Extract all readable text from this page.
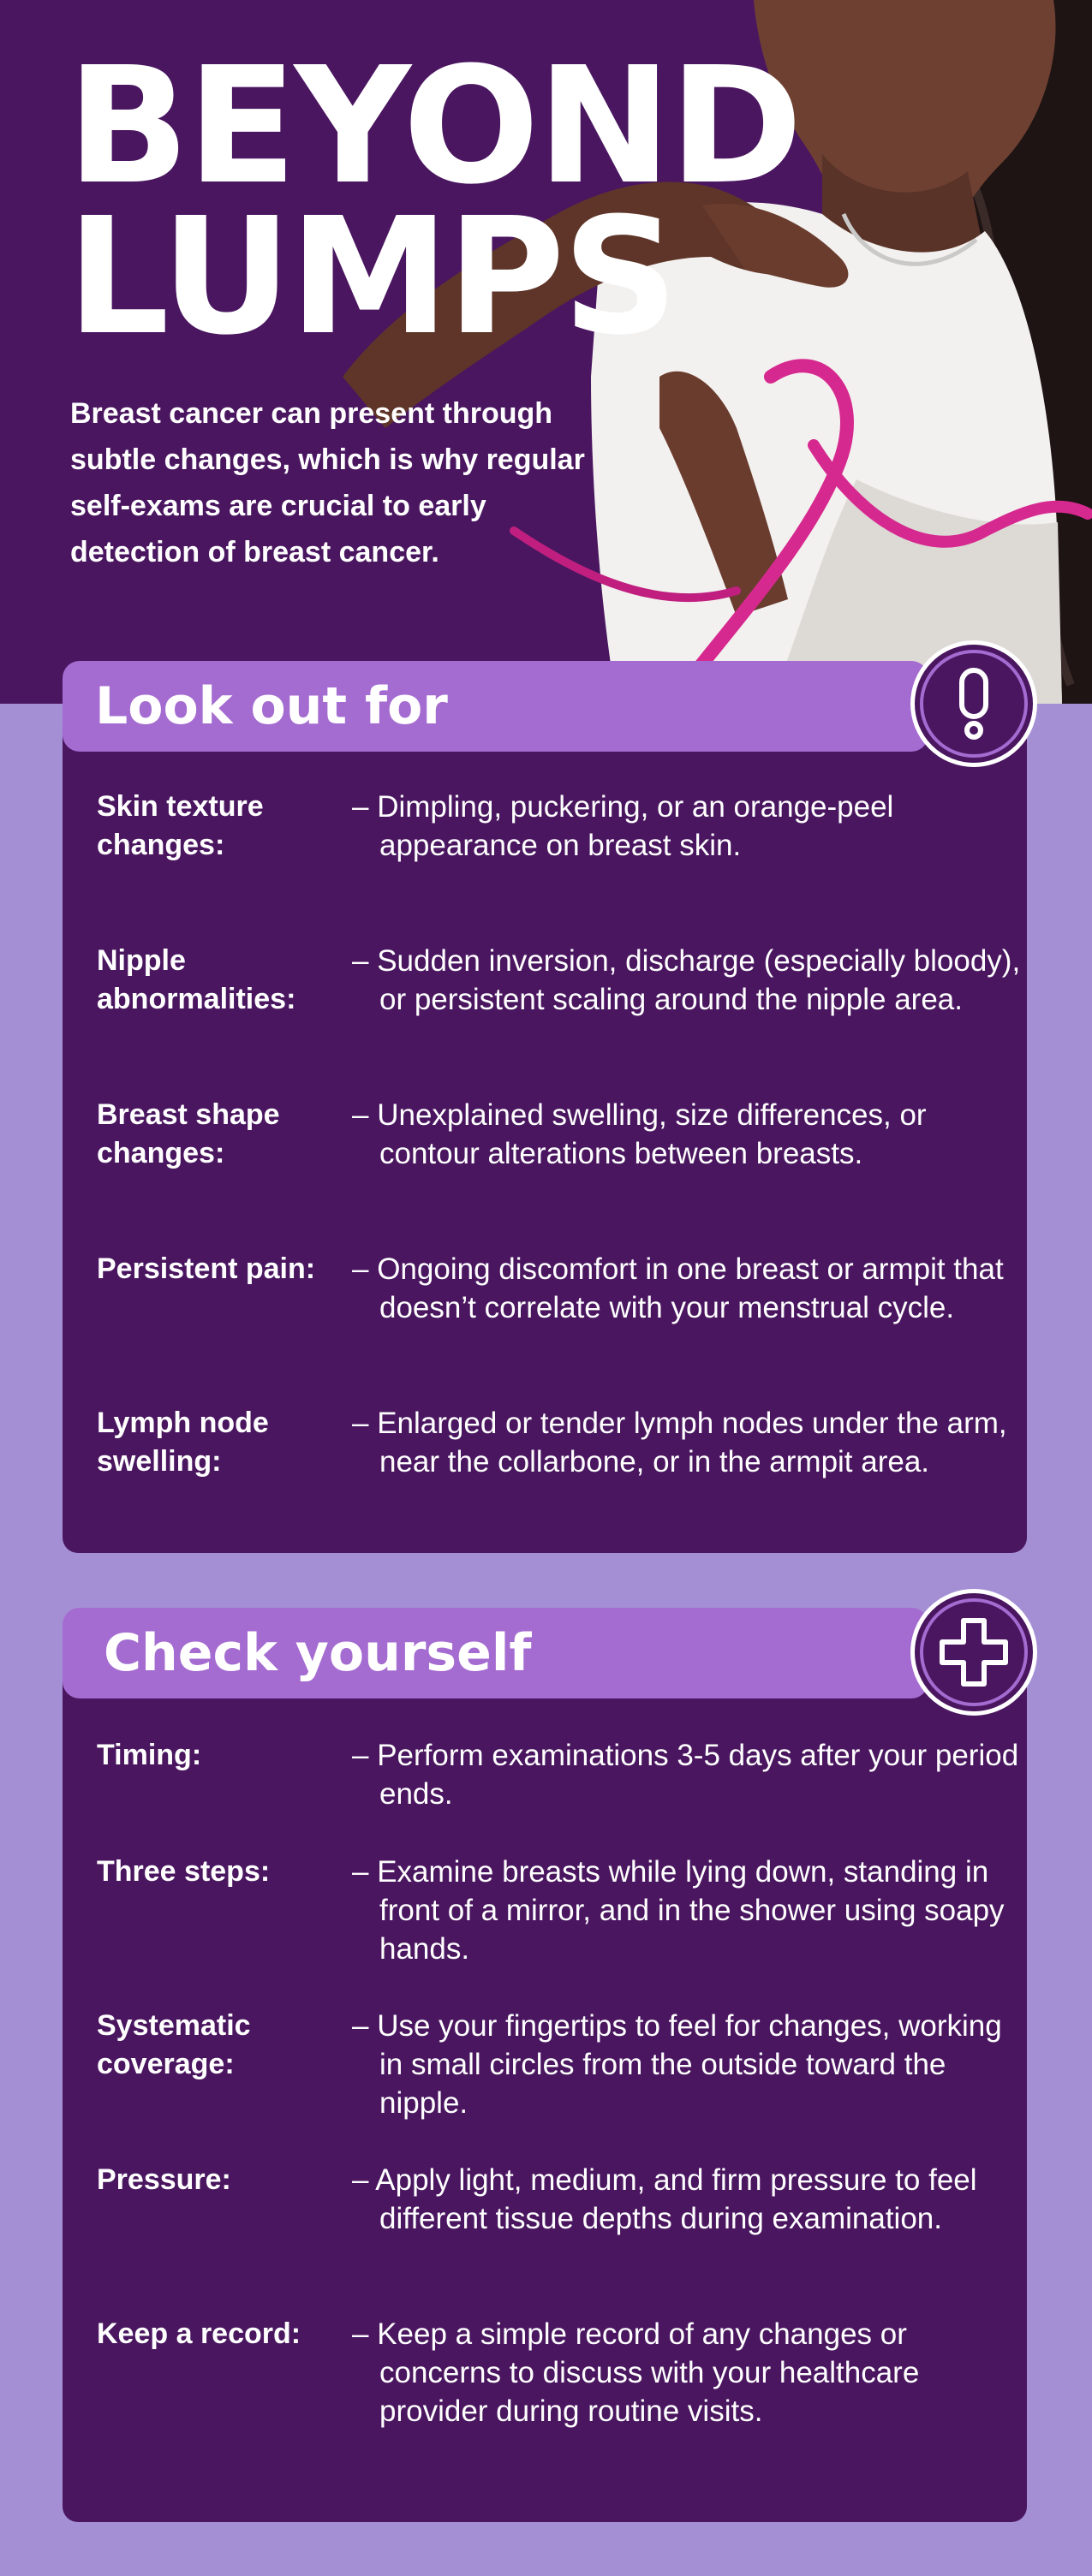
BEYOND
LUMPS

Breast cancer can present through subtle changes, which is why regular self-exams are crucial to early detection of breast cancer.

Look out for

Skin texture changes:

– Dimpling, puckering, or an orange-peel appearance on breast skin.

Nipple abnormalities:

– Sudden inversion, discharge (especially bloody), or persistent scaling around the nipple area.

Breast shape changes:

– Unexplained swelling, size differences, or contour alterations between breasts.

Persistent pain:	– Ongoing discomfort in one breast or armpit that doesn’t correlate with your menstrual cycle.

Lymph node swelling:

– Enlarged or tender lymph nodes under the arm, near the collarbone, or in the armpit area.

Check yourself

Timing:	– Perform examinations 3-5 days after your period ends.

Three steps:	– Examine breasts while lying down, standing in front of a mirror, and in the shower using soapy hands.

Systematic coverage:

– Use your fingertips to feel for changes, working in small circles from the outside toward the nipple.

Pressure:	– Apply light, medium, and firm pressure to feel different tissue depths during examination.

Keep a record:	– Keep a simple record of any changes or concerns to discuss with your healthcare provider during routine visits.
